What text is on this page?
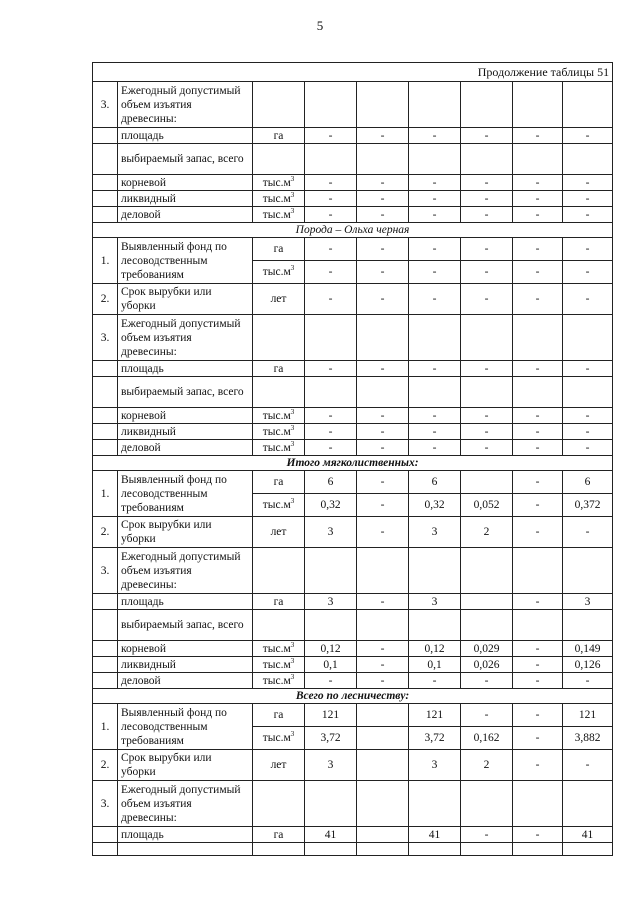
5
Продолжение таблицы 51								
3.	Ежегодный допустимый объем изъятия древесины:							
	площадь	га	-	-	-	-	-	-
	выбираемый запас, всего							
	корневой	$тыс.м^3$	-	-	-	-	-	-
	ликвидный	$тыс.м^3$	-	-	-	-	-	-
	деловой	$тыс.м^3$	-	-	-	-	-	-
Порода – Ольха черная								
1.	Выявленный фонд по лесоводственным требованиям	га	-	-	-	-	-	-
		$тыс.м^3$	-	-	-	-	-	-
2.	Срок вырубки или уборки	лет	-	-	-	-	-	-
3.	Ежегодный допустимый объем изъятия древесины:							
	площадь	га	-	-	-	-	-	-
	выбираемый запас, всего							
	корневой	$тыс.м^3$	-	-	-	-	-	-
	ликвидный	$тыс.м^3$	-	-	-	-	-	-
	деловой	$тыс.м^3$	-	-	-	-	-	-
Итого мягколиственных:								
1.	Выявленный фонд по лесоводственным требованиям	га	6	-	6		-	6
		$тыс.м^3$	0,32	-	0,32	0,052	-	0,372
2.	Срок вырубки или уборки	лет	3	-	3	2	-	-
3.	Ежегодный допустимый объем изъятия древесины:							
	площадь	га	3	-	3		-	3
	выбираемый запас, всего							
	корневой	$тыс.м^3$	0,12	-	0,12	0,029	-	0,149
	ликвидный	$тыс.м^3$	0,1	-	0,1	0,026	-	0,126
	деловой	$тыс.м^3$	-	-	-	-	-	-
Всего по лесничеству:								
1.	Выявленный фонд по лесоводственным требованиям	га	121		121	-	-	121
		$тыс.м^3$	3,72		3,72	0,162	-	3,882
2.	Срок вырубки или уборки	лет	3		3	2	-	-
3.	Ежегодный допустимый объем изъятия древесины:							
	площадь	га	41		41	-	-	41
